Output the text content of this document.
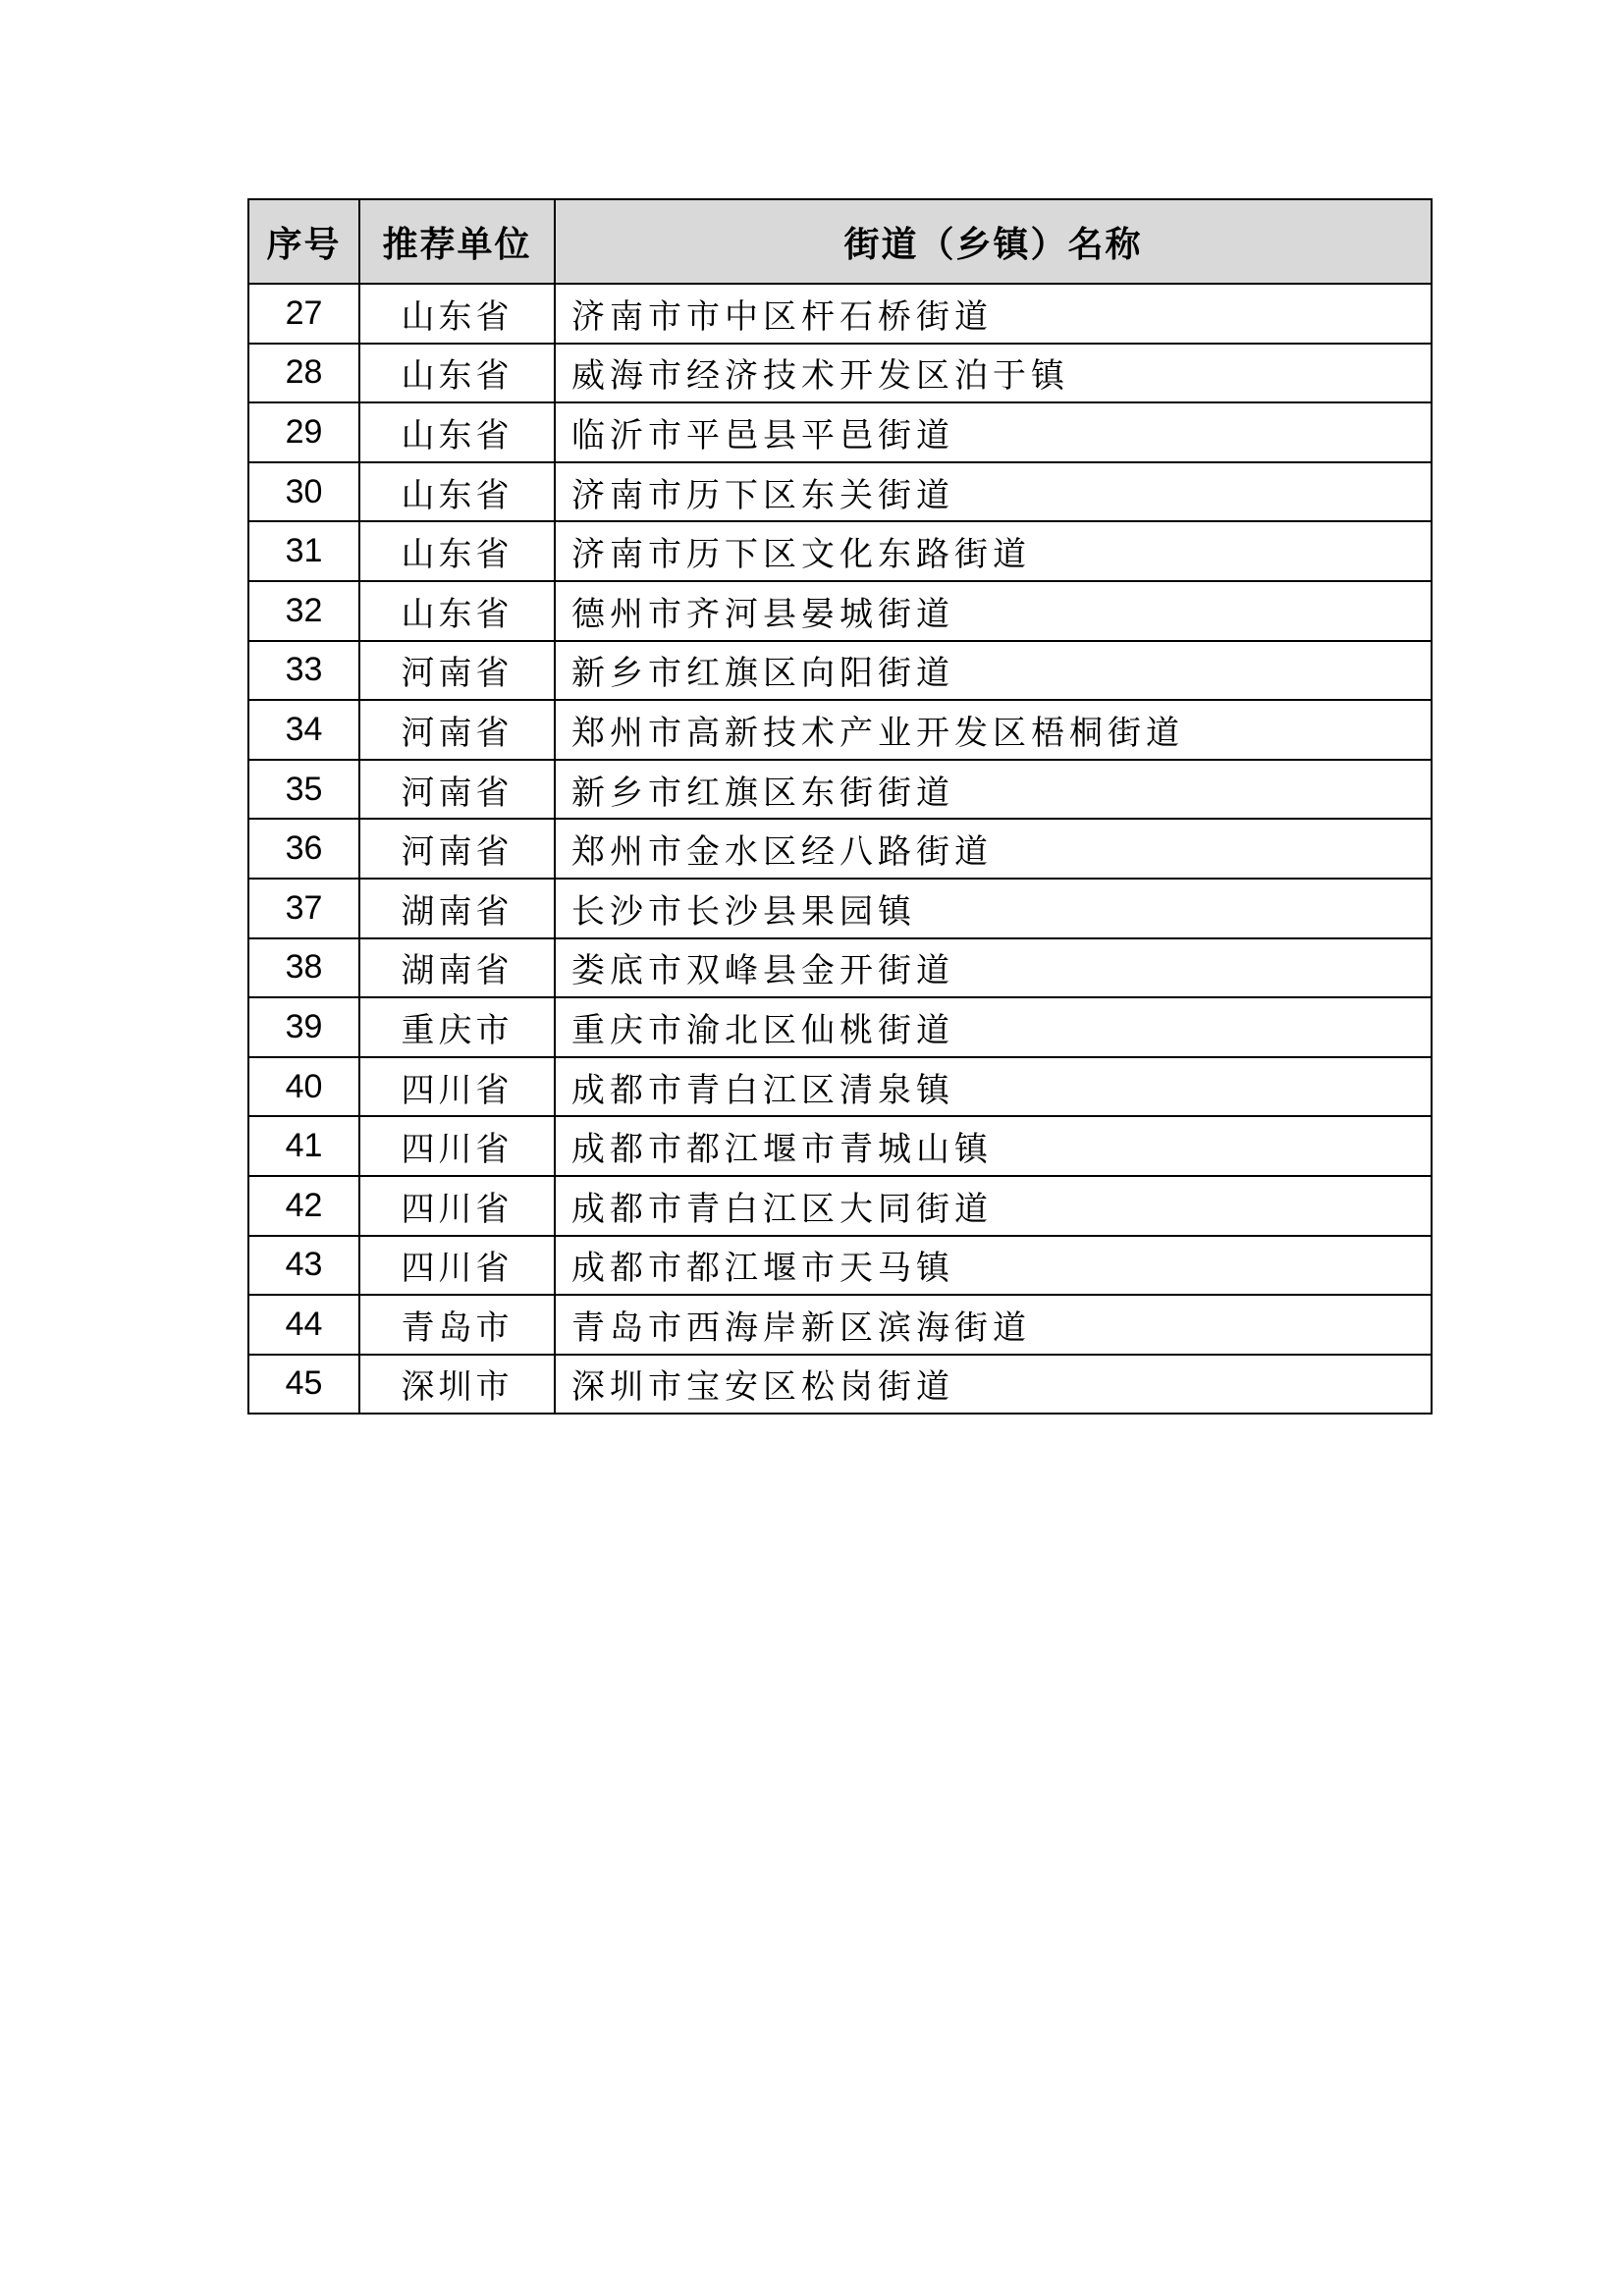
序号	推荐单位	街道（乡镇）名称
27	山东省	济南市市中区杆石桥街道
28	山东省	威海市经济技术开发区泊于镇
29	山东省	临沂市平邑县平邑街道
30	山东省	济南市历下区东关街道
31	山东省	济南市历下区文化东路街道
32	山东省	德州市齐河县晏城街道
33	河南省	新乡市红旗区向阳街道
34	河南省	郑州市高新技术产业开发区梧桐街道
35	河南省	新乡市红旗区东街街道
36	河南省	郑州市金水区经八路街道
37	湖南省	长沙市长沙县果园镇
38	湖南省	娄底市双峰县金开街道
39	重庆市	重庆市渝北区仙桃街道
40	四川省	成都市青白江区清泉镇
41	四川省	成都市都江堰市青城山镇
42	四川省	成都市青白江区大同街道
43	四川省	成都市都江堰市天马镇
44	青岛市	青岛市西海岸新区滨海街道
45	深圳市	深圳市宝安区松岗街道
